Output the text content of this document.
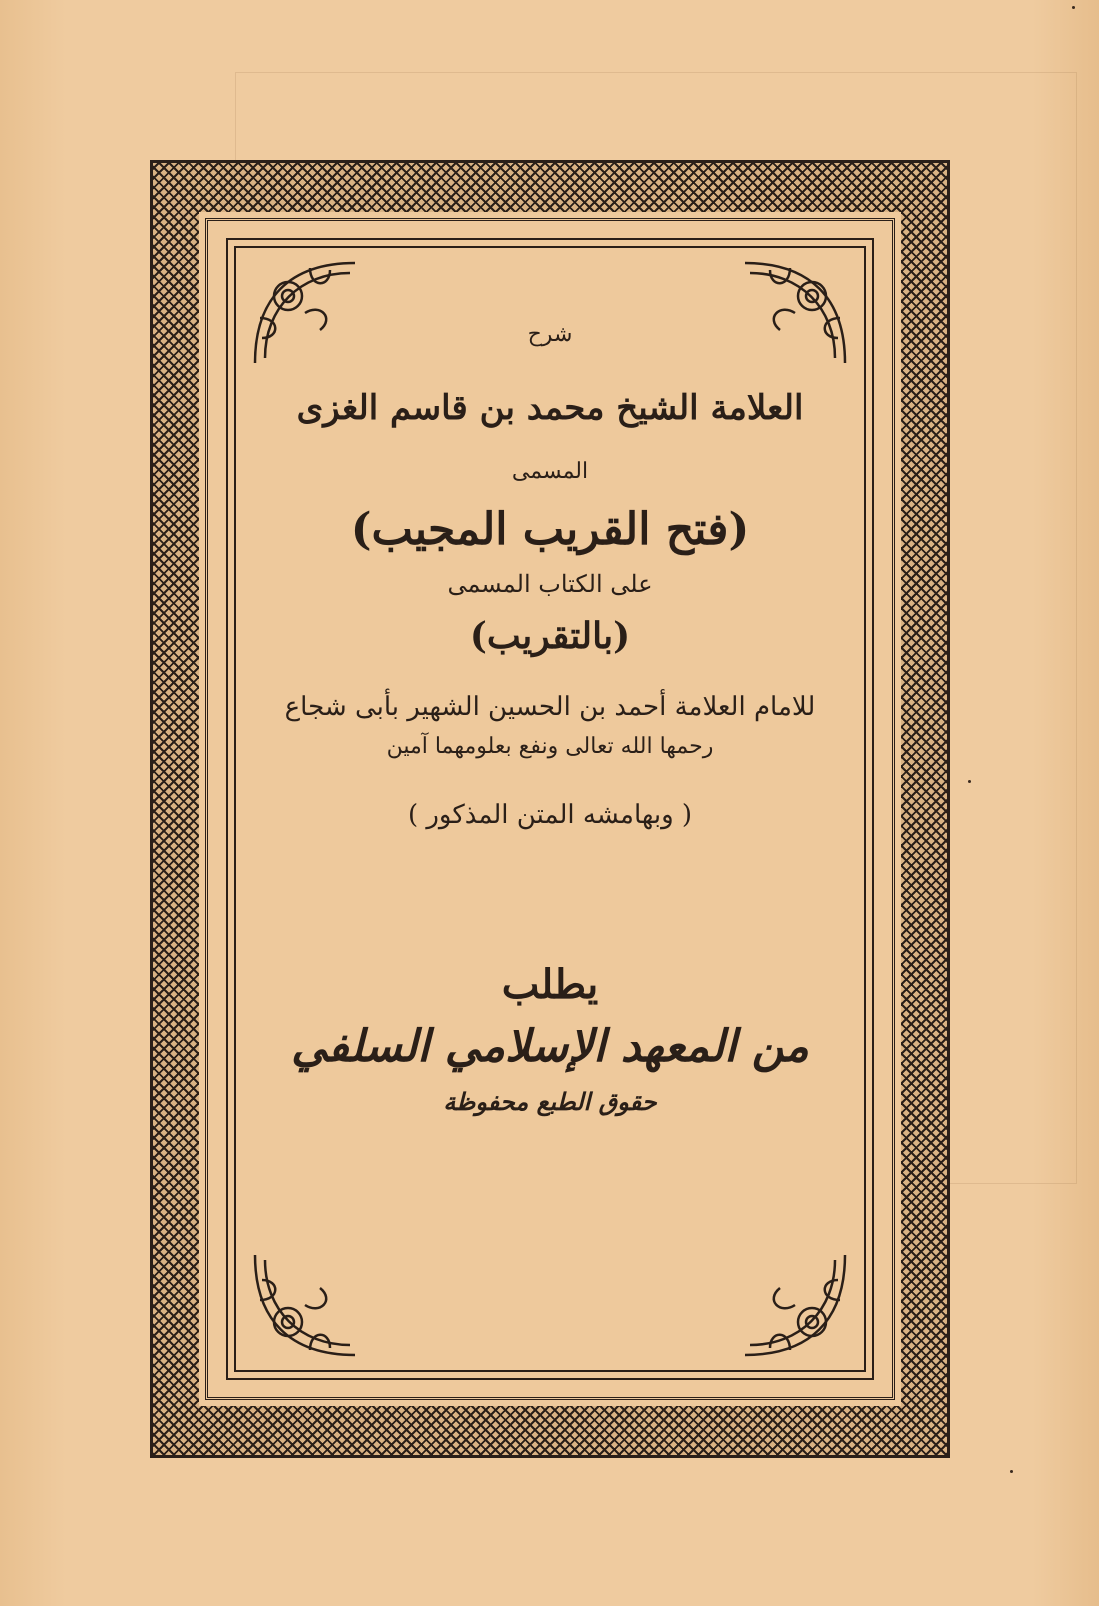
شرح
العلامة الشيخ محمد بن قاسم الغزى
المسمى
(فتح القريب المجيب)
على الكتاب المسمى
(بالتقريب)
للامام العلامة أحمد بن الحسين الشهير بأبى شجاع
رحمها الله تعالى ونفع بعلومهما آمين
( وبهامشه المتن المذكور )
يطلب
من المعهد الإسلامي السلفي
حقوق الطبع محفوظة
